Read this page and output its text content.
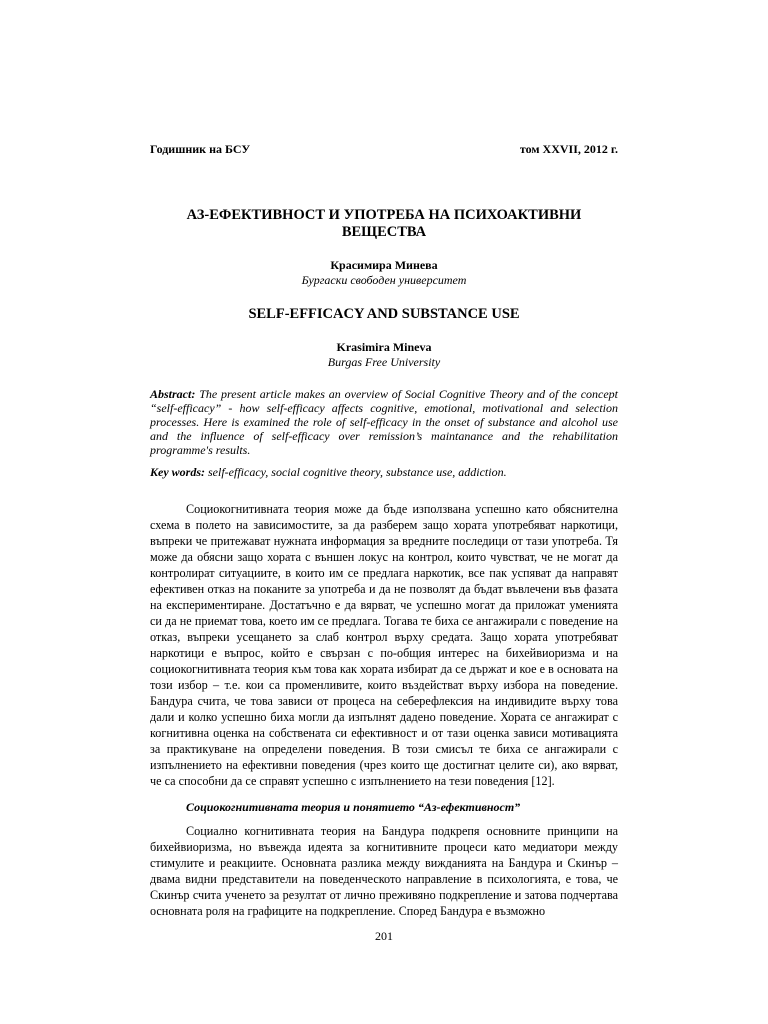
Годишник на БСУ	том XXVII, 2012 г.
АЗ-ЕФЕКТИВНОСТ И УПОТРЕБА НА ПСИХОАКТИВНИ ВЕЩЕСТВА
Красимира Минева
Бургаски свободен университет
SELF-EFFICACY AND SUBSTANCE USE
Krasimira Mineva
Burgas Free University
Abstract: The present article makes an overview of Social Cognitive Theory and of the concept “self-efficacy” - how self-efficacy affects cognitive, emotional, motivational and selection processes. Here is examined the role of self-efficacy in the onset of substance and alcohol use and the influence of self-efficacy over remission’s maintanance and the rehabilitation programme's results.
Key words: self-efficacy, social cognitive theory, substance use, addiction.

Социокогнитивната теория може да бъде използвана успешно като обяснителна схема в полето на зависимостите, за да разберем защо хората употребяват наркотици, въпреки че притежават нужната информация за вредните последици от тази употреба. Тя може да обясни защо хората с външен локус на контрол, които чувстват, че не могат да контролират ситуациите, в които им се предлага наркотик, все пак успяват да направят ефективен отказ на поканите за употреба и да не позволят да бъдат въвлечени във фазата на експериментиране. Достатъчно е да вярват, че успешно могат да приложат уменията си да не приемат това, което им се предлага. Тогава те биха се ангажирали с поведение на отказ, въпреки усещането за слаб контрол върху средата. Защо хората употребяват наркотици е въпрос, който е свързан с по-общия интерес на бихейвиоризма и на социокогнитивната теория към това как хората избират да се държат и кое е в основата на този избор – т.е. кои са променливите, които въздействат върху избора на поведение. Бандура счита, че това зависи от процеса на себерефлексия на индивидите върху това дали и колко успешно биха могли да изпълнят дадено поведение. Хората се ангажират с когнитивна оценка на собствената си ефективност и от тази оценка зависи мотивацията за практикуване на определени поведения. В този смисъл те биха се ангажирали с изпълнението на ефективни поведения (чрез които ще достигнат целите си), ако вярват, че са способни да се справят успешно с изпълнението на тези поведения [12].

Социокогнитивната теория и понятието “Аз-ефективност”

Социално когнитивната теория на Бандура подкрепя основните принципи на бихейвиоризма, но въвежда идеята за когнитивните процеси като медиатори между стимулите и реакциите. Основната разлика между вижданията на Бандура и Скинър – двама видни представители на поведенческото направление в психологията, е това, че Скинър счита ученето за резултат от лично преживяно подкрепление и затова подчертава основната роля на графиците на подкрепление. Според Бандура е възможно

201
